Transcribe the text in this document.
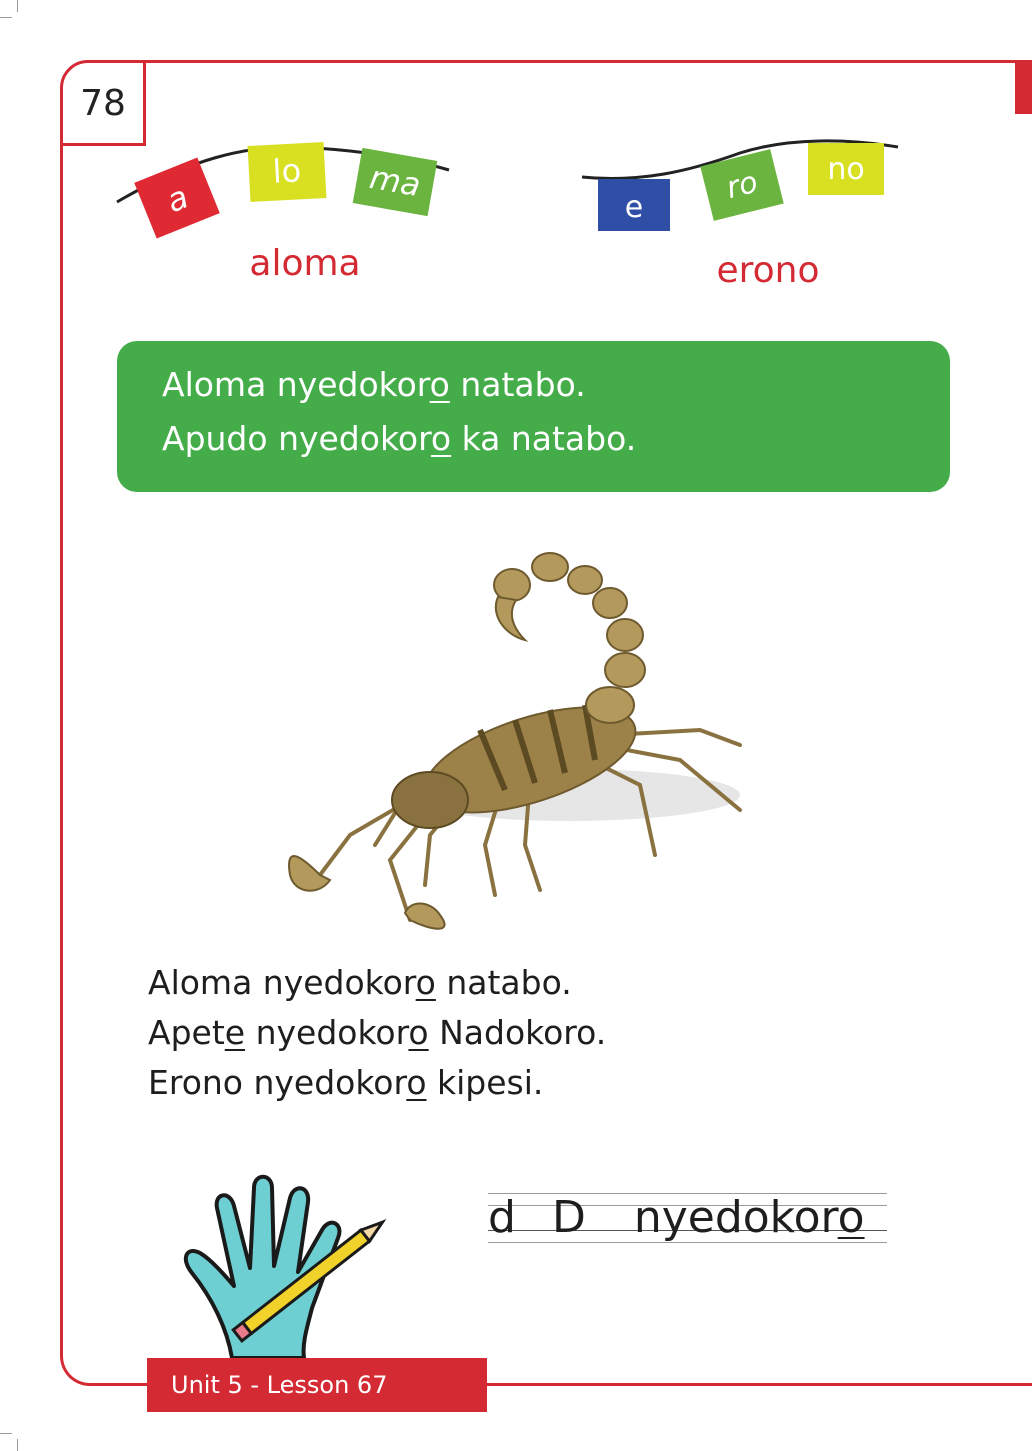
78
a
lo ma
aloma
e
ro no
erono
Aloma nyedokoro natabo.
Apudo nyedokoro ka natabo.
Aloma nyedokoro natabo.
Apete nyedokoro Nadokoro.
Erono nyedokoro kipesi.
d D nyedokoro
Unit 5 - Lesson 67
